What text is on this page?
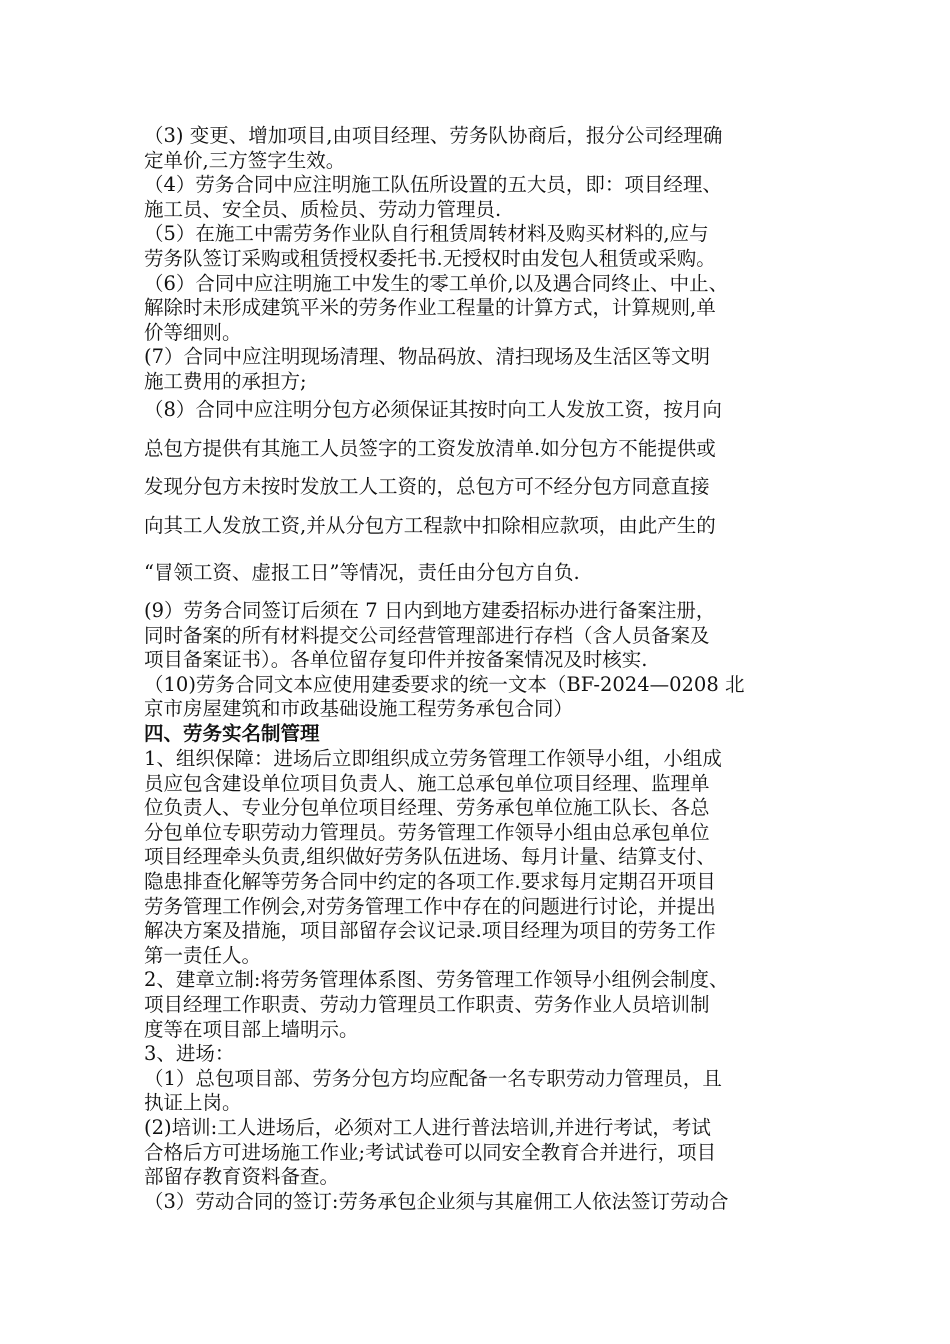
（3) 变更、增加项目,由项目经理、劳务队协商后，报分公司经理确
定单价,三方签字生效。
（4）劳务合同中应注明施工队伍所设置的五大员，即：项目经理、
施工员、安全员、质检员、劳动力管理员.
（5）在施工中需劳务作业队自行租赁周转材料及购买材料的,应与
劳务队签订采购或租赁授权委托书.无授权时由发包人租赁或采购。
（6）合同中应注明施工中发生的零工单价,以及遇合同终止、中止、
解除时未形成建筑平米的劳务作业工程量的计算方式，计算规则,单
价等细则。
(7）合同中应注明现场清理、物品码放、清扫现场及生活区等文明
施工费用的承担方;
（8）合同中应注明分包方必须保证其按时向工人发放工资，按月向
总包方提供有其施工人员签字的工资发放清单.如分包方不能提供或
发现分包方未按时发放工人工资的，总包方可不经分包方同意直接
向其工人发放工资,并从分包方工程款中扣除相应款项，由此产生的
“冒领工资、虚报工日”等情况，责任由分包方自负.
(9）劳务合同签订后须在 7 日内到地方建委招标办进行备案注册，
同时备案的所有材料提交公司经营管理部进行存档（含人员备案及
项目备案证书）。各单位留存复印件并按备案情况及时核实.
（10)劳务合同文本应使用建委要求的统一文本（BF-2024—0208 北
京市房屋建筑和市政基础设施工程劳务承包合同）
四、劳务实名制管理
1、组织保障：进场后立即组织成立劳务管理工作领导小组，小组成
员应包含建设单位项目负责人、施工总承包单位项目经理、监理单
位负责人、专业分包单位项目经理、劳务承包单位施工队长、各总
分包单位专职劳动力管理员。劳务管理工作领导小组由总承包单位
项目经理牵头负责,组织做好劳务队伍进场、每月计量、结算支付、
隐患排查化解等劳务合同中约定的各项工作.要求每月定期召开项目
劳务管理工作例会,对劳务管理工作中存在的问题进行讨论，并提出
解决方案及措施，项目部留存会议记录.项目经理为项目的劳务工作
第一责任人。
2、建章立制:将劳务管理体系图、劳务管理工作领导小组例会制度、
项目经理工作职责、劳动力管理员工作职责、劳务作业人员培训制
度等在项目部上墙明示。
3、进场：
（1）总包项目部、劳务分包方均应配备一名专职劳动力管理员，且
执证上岗。
(2)培训:工人进场后，必须对工人进行普法培训,并进行考试，考试
合格后方可进场施工作业;考试试卷可以同安全教育合并进行，项目
部留存教育资料备查。
（3）劳动合同的签订:劳务承包企业须与其雇佣工人依法签订劳动合
